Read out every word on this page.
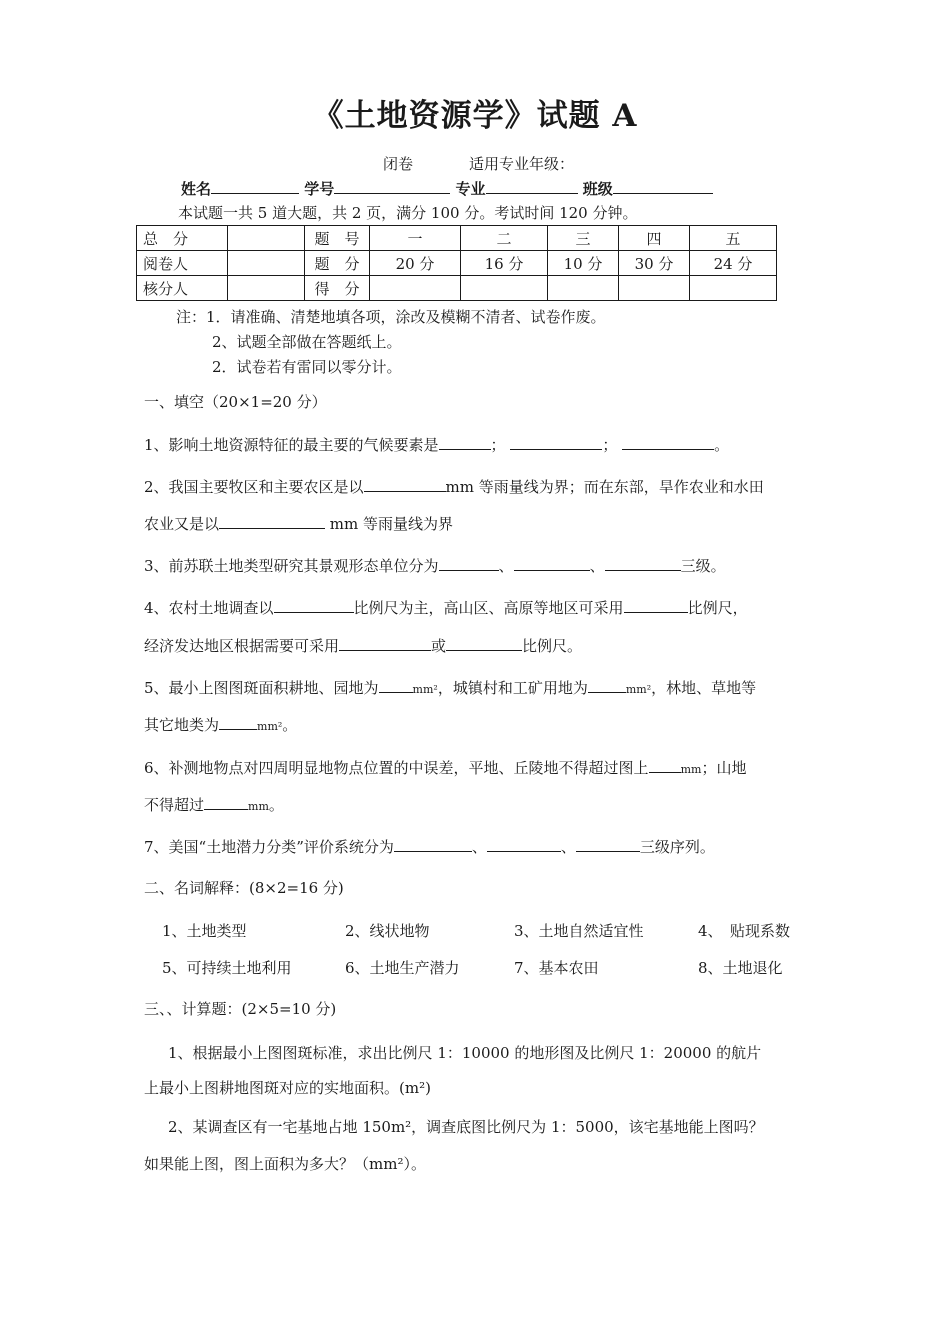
《土地资源学》试题 A
闭卷	适用专业年级：
姓名	学号	专业	班级
本试题一共 5 道大题，共 2 页，满分 100 分。考试时间 120 分钟。
总　分		题　号	一	二	三	四	五
阅卷人		题　分	20 分	16 分	10 分	30 分	24 分
核分人		得　分					
注：1．请准确、清楚地填各项，涂改及模糊不清者、试卷作废。
2、试题全部做在答题纸上。
2．试卷若有雷同以零分计。
一、填空（20×1=20 分）
1、影响土地资源特征的最主要的气候要素是	；	；	。
2、我国主要牧区和主要农区是以	mm 等雨量线为界；而在东部，旱作农业和水田
农业又是以	mm 等雨量线为界
3、前苏联土地类型研究其景观形态单位分为	、	、	三级。
4、农村土地调查以	比例尺为主，高山区、高原等地区可采用	比例尺，
经济发达地区根据需要可采用	或	比例尺。
5、最小上图图斑面积耕地、园地为	mm²，城镇村和工矿用地为	mm²，林地、草地等
其它地类为	mm²。
6、补测地物点对四周明显地物点位置的中误差，平地、丘陵地不得超过图上	mm；山地
不得超过	mm。
7、美国“土地潜力分类”评价系统分为	、	、	三级序列。
二、名词解释：(8×2=16 分)
1、土地类型	2、线状地物	3、土地自然适宜性	4、　贴现系数
5、可持续土地利用	6、土地生产潜力	7、基本农田	8、土地退化
三、、计算题：(2×5=10 分)
1、根据最小上图图斑标准，求出比例尺 1：10000 的地形图及比例尺 1：20000 的航片
上最小上图耕地图斑对应的实地面积。(m²)
2、某调查区有一宅基地占地 150m²，调查底图比例尺为 1：5000，该宅基地能上图吗？
如果能上图，图上面积为多大？（mm²）。
